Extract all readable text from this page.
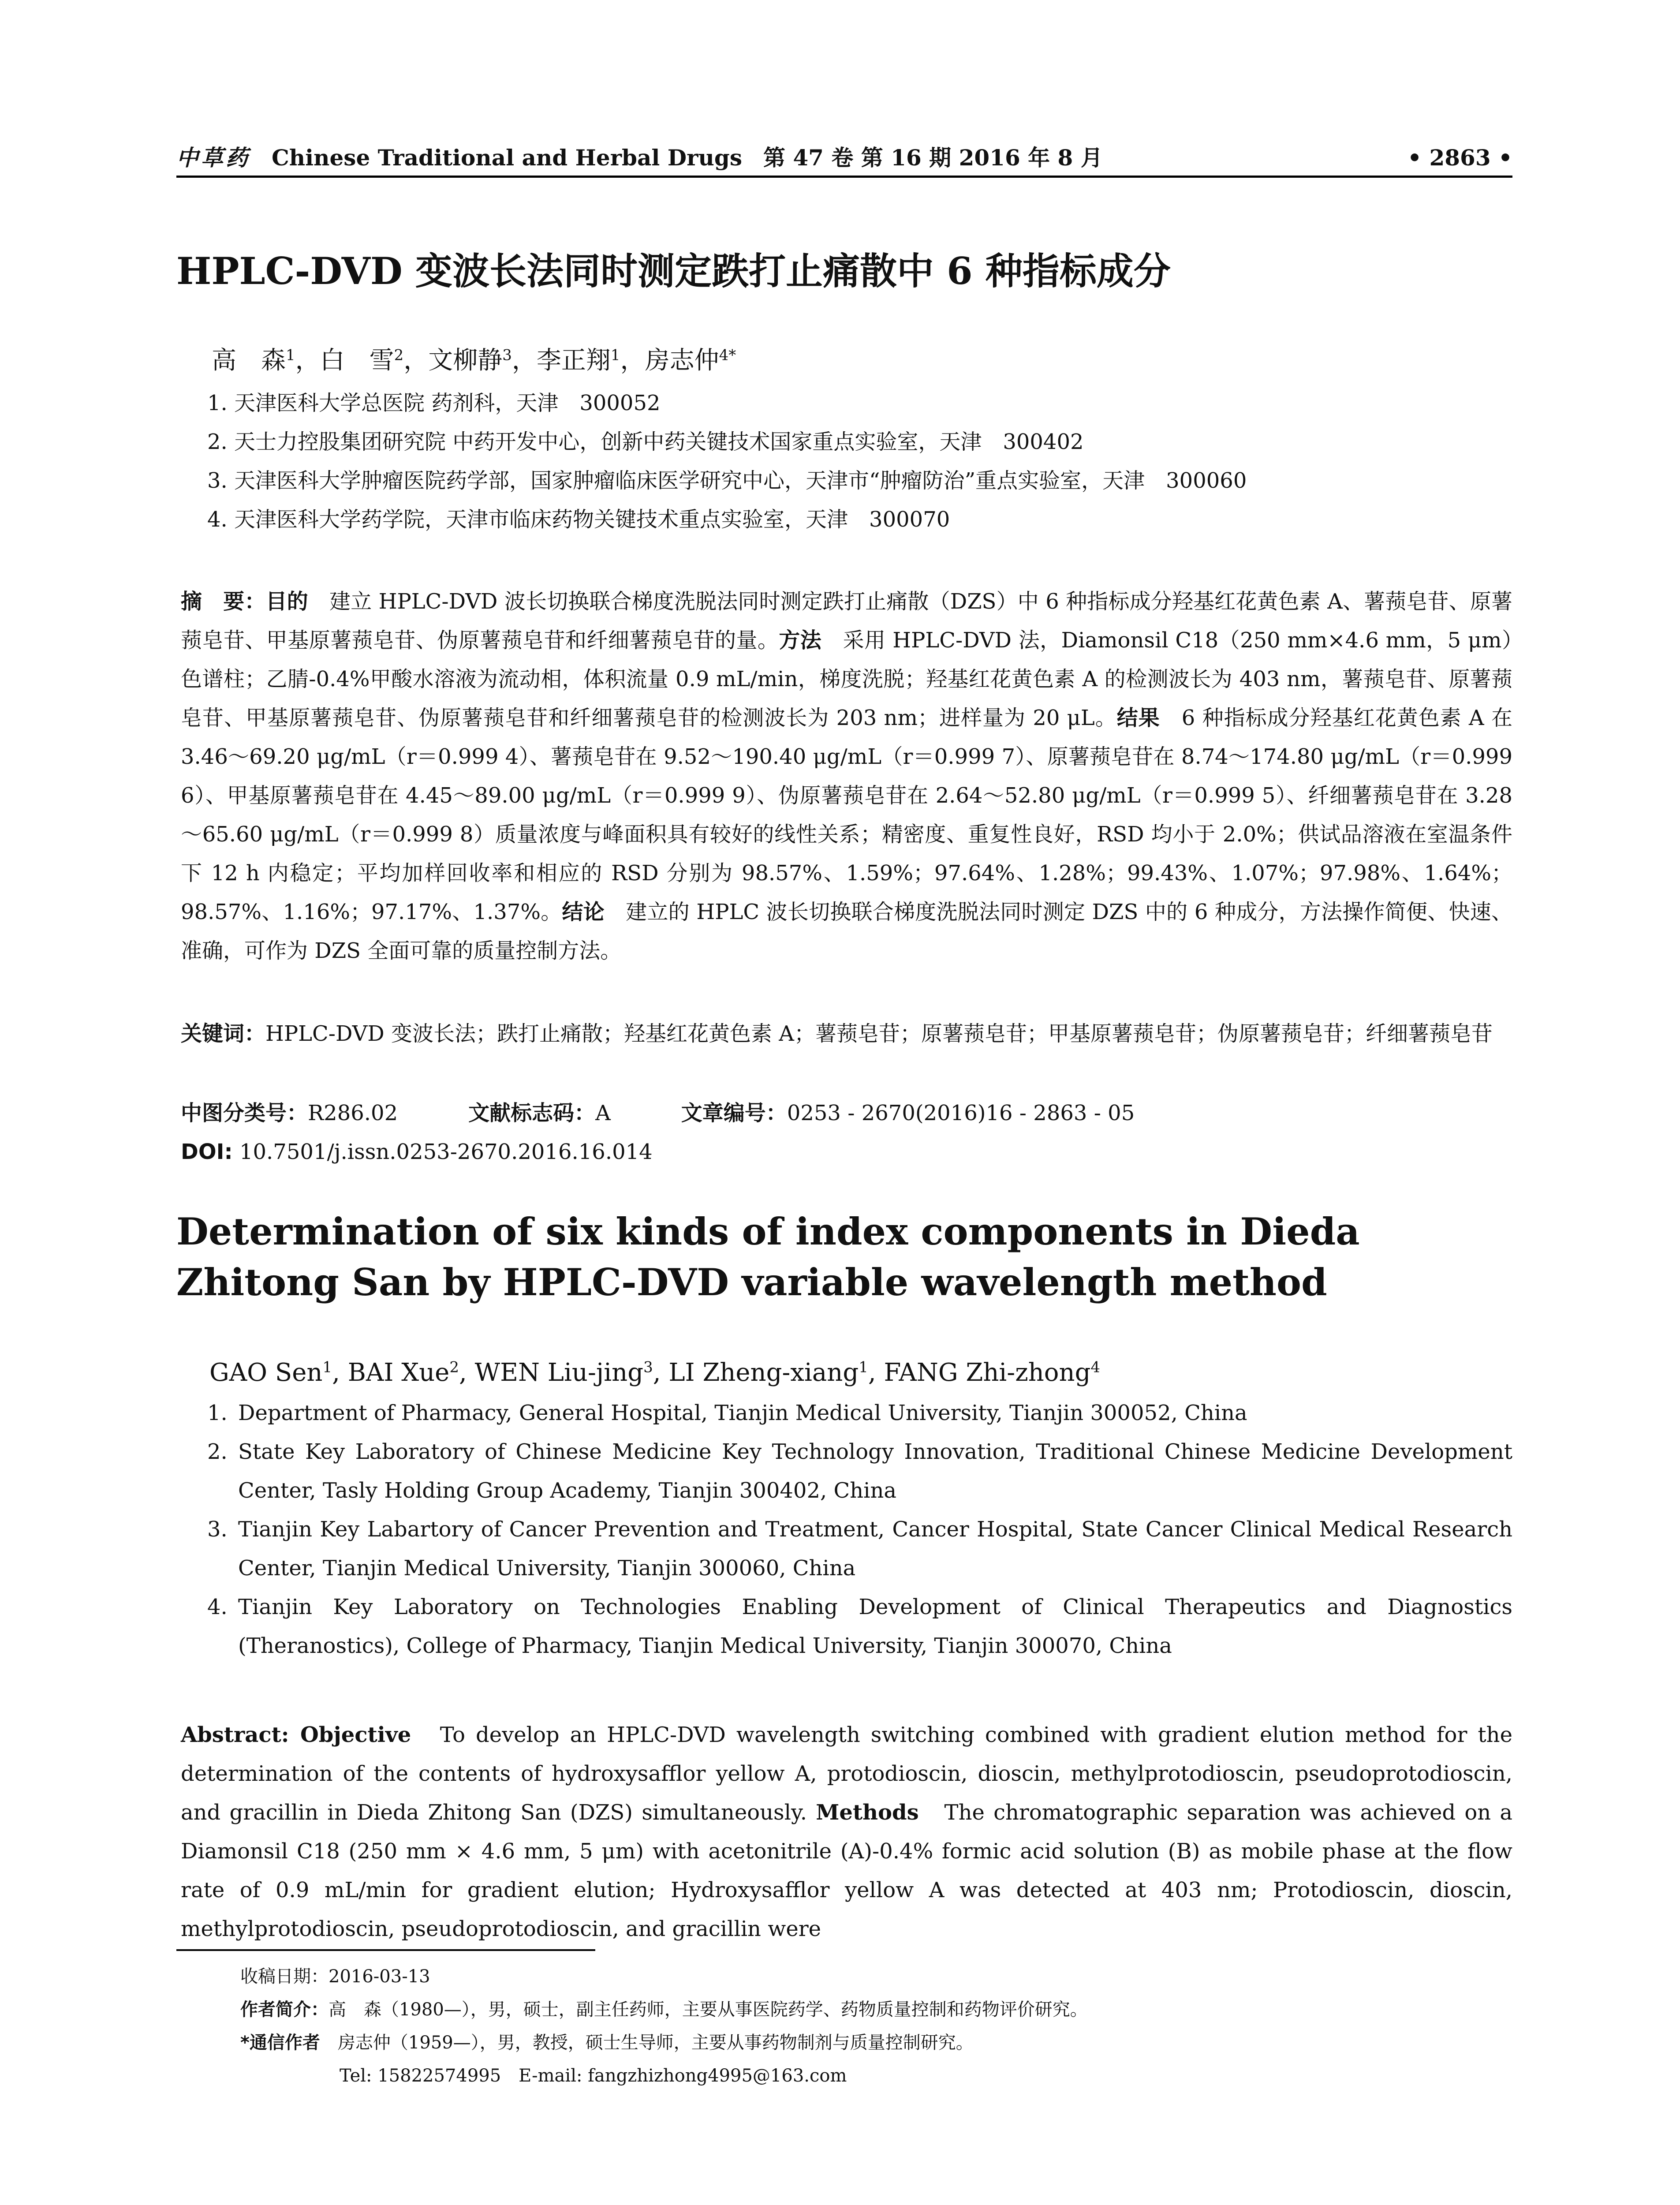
中草药 Chinese Traditional and Herbal Drugs 第 47 卷 第 16 期 2016 年 8 月	• 2863 •
HPLC-DVD 变波长法同时测定跌打止痛散中 6 种指标成分
高　森$^1$，白　雪$^2$，文柳静$^3$，李正翔$^1$，房志仲$^{4*}$
1. 天津医科大学总医院 药剂科，天津　300052
2. 天士力控股集团研究院 中药开发中心，创新中药关键技术国家重点实验室，天津　300402
3. 天津医科大学肿瘤医院药学部，国家肿瘤临床医学研究中心，天津市“肿瘤防治”重点实验室，天津　300060
4. 天津医科大学药学院，天津市临床药物关键技术重点实验室，天津　300070
摘　要：目的　建立 HPLC-DVD 波长切换联合梯度洗脱法同时测定跌打止痛散（DZS）中 6 种指标成分羟基红花黄色素 A、薯蓣皂苷、原薯蓣皂苷、甲基原薯蓣皂苷、伪原薯蓣皂苷和纤细薯蓣皂苷的量。方法　采用 HPLC-DVD 法，Diamonsil C18（250 mm×4.6 mm，5 μm）色谱柱；乙腈-0.4%甲酸水溶液为流动相，体积流量 0.9 mL/min，梯度洗脱；羟基红花黄色素 A 的检测波长为 403 nm，薯蓣皂苷、原薯蓣皂苷、甲基原薯蓣皂苷、伪原薯蓣皂苷和纤细薯蓣皂苷的检测波长为 203 nm；进样量为 20 μL。结果　6 种指标成分羟基红花黄色素 A 在 3.46～69.20 μg/mL（r＝0.999 4）、薯蓣皂苷在 9.52～190.40 μg/mL（r＝0.999 7）、原薯蓣皂苷在 8.74～174.80 μg/mL（r＝0.999 6）、甲基原薯蓣皂苷在 4.45～89.00 μg/mL（r＝0.999 9）、伪原薯蓣皂苷在 2.64～52.80 μg/mL（r＝0.999 5）、纤细薯蓣皂苷在 3.28～65.60 μg/mL（r＝0.999 8）质量浓度与峰面积具有较好的线性关系；精密度、重复性良好，RSD 均小于 2.0%；供试品溶液在室温条件下 12 h 内稳定；平均加样回收率和相应的 RSD 分别为 98.57%、1.59%；97.64%、1.28%；99.43%、1.07%；97.98%、1.64%；98.57%、1.16%；97.17%、1.37%。结论　建立的 HPLC 波长切换联合梯度洗脱法同时测定 DZS 中的 6 种成分，方法操作简便、快速、准确，可作为 DZS 全面可靠的质量控制方法。
关键词：HPLC-DVD 变波长法；跌打止痛散；羟基红花黄色素 A；薯蓣皂苷；原薯蓣皂苷；甲基原薯蓣皂苷；伪原薯蓣皂苷；纤细薯蓣皂苷
中图分类号：R286.02	文献标志码：A	文章编号：0253 - 2670(2016)16 - 2863 - 05
DOI: 10.7501/j.issn.0253-2670.2016.16.014
Determination of six kinds of index components in Dieda Zhitong San by HPLC-DVD variable wavelength method
GAO Sen$^1$, BAI Xue$^2$, WEN Liu-jing$^3$, LI Zheng-xiang$^1$, FANG Zhi-zhong$^4$
1. Department of Pharmacy, General Hospital, Tianjin Medical University, Tianjin 300052, China
2. State Key Laboratory of Chinese Medicine Key Technology Innovation, Traditional Chinese Medicine Development Center, Tasly Holding Group Academy, Tianjin 300402, China
3. Tianjin Key Labartory of Cancer Prevention and Treatment, Cancer Hospital, State Cancer Clinical Medical Research Center, Tianjin Medical University, Tianjin 300060, China
4. Tianjin Key Laboratory on Technologies Enabling Development of Clinical Therapeutics and Diagnostics (Theranostics), College of Pharmacy, Tianjin Medical University, Tianjin 300070, China
Abstract: Objective　To develop an HPLC-DVD wavelength switching combined with gradient elution method for the determination of the contents of hydroxysafflor yellow A, protodioscin, dioscin, methylprotodioscin, pseudoprotodioscin, and gracillin in Dieda Zhitong San (DZS) simultaneously. Methods　The chromatographic separation was achieved on a Diamonsil C18 (250 mm × 4.6 mm, 5 μm) with acetonitrile (A)-0.4% formic acid solution (B) as mobile phase at the flow rate of 0.9 mL/min for gradient elution; Hydroxysafflor yellow A was detected at 403 nm; Protodioscin, dioscin, methylprotodioscin, pseudoprotodioscin, and gracillin were
收稿日期：2016-03-13
作者简介：高　森（1980—），男，硕士，副主任药师，主要从事医院药学、药物质量控制和药物评价研究。
*通信作者　房志仲（1959—），男，教授，硕士生导师，主要从事药物制剂与质量控制研究。
Tel: 15822574995　E-mail: fangzhizhong4995@163.com
